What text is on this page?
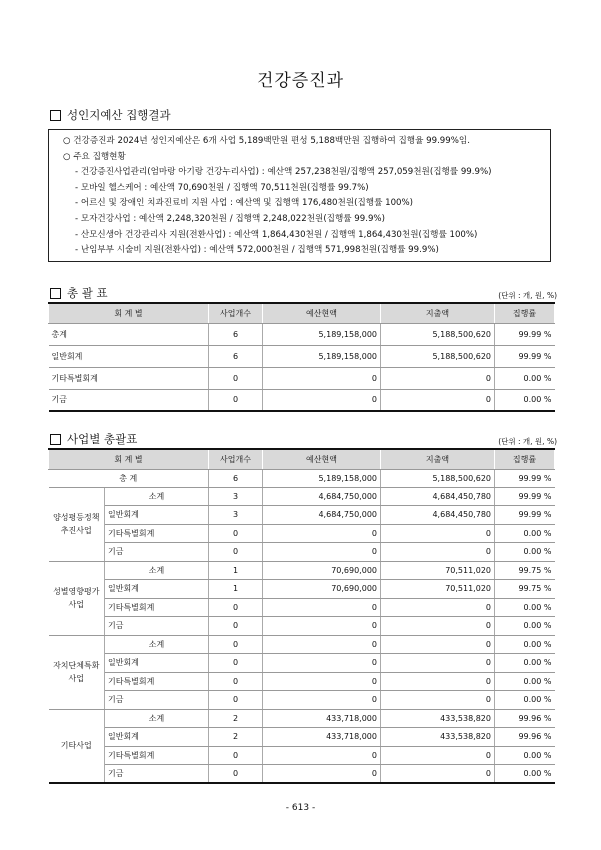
건강증진과
성인지예산 집행결과
○ 건강증진과 2024년 성인지예산은 6개 사업 5,189백만원 편성 5,188백만원 집행하여 집행율 99.99%임.
○ 주요 집행현황
- 건강증진사업관리(엄마랑 아기랑 건강누리사업) : 예산액 257,238천원/집행액 257,059천원(집행률 99.9%)
- 모바일 헬스케어 : 예산액 70,690천원 / 집행액 70,511천원(집행률 99.7%)
- 어르신 및 장애인 치과진료비 지원 사업 : 예산액 및 집행액 176,480천원(집행률 100%)
- 모자건강사업 : 예산액 2,248,320천원 / 집행액 2,248,022천원(집행률 99.9%)
- 산모신생아 건강관리사 지원(전환사업) : 예산액 1,864,430천원 / 집행액 1,864,430천원(집행률 100%)
- 난임부부 시술비 지원(전환사업) : 예산액 572,000천원 / 집행액 571,998천원(집행률 99.9%)
총 괄 표	(단위 : 개, 원, %)
회 계 별	사업개수	예산현액	지출액	집행률
총계	6	5,189,158,000	5,188,500,620	99.99 %
일반회계	6	5,189,158,000	5,188,500,620	99.99 %
기타특별회계	0	0	0	0.00 %
기금	0	0	0	0.00 %
사업별 총괄표	(단위 : 개, 원, %)
회 계 별		사업개수	예산현액	지출액	집행률
총 계		6	5,189,158,000	5,188,500,620	99.99 %
양성평등정책
추진사업	소계	3	4,684,750,000	4,684,450,780	99.99 %
	일반회계	3	4,684,750,000	4,684,450,780	99.99 %
	기타특별회계	0	0	0	0.00 %
	기금	0	0	0	0.00 %
성별영향평가
사업	소계	1	70,690,000	70,511,020	99.75 %
	일반회계	1	70,690,000	70,511,020	99.75 %
	기타특별회계	0	0	0	0.00 %
	기금	0	0	0	0.00 %
자치단체특화
사업	소계	0	0	0	0.00 %
	일반회계	0	0	0	0.00 %
	기타특별회계	0	0	0	0.00 %
	기금	0	0	0	0.00 %
기타사업	소계	2	433,718,000	433,538,820	99.96 %
	일반회계	2	433,718,000	433,538,820	99.96 %
	기타특별회계	0	0	0	0.00 %
	기금	0	0	0	0.00 %
- 613 -
